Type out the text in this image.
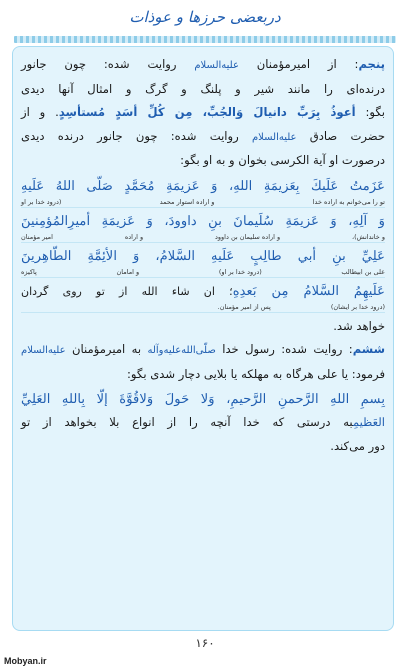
دربعضی حرزها و عوذات
پنجم: از امیرمؤمنان عليه‌السلام روایت شده: چون جانور
درنده‌ای را مانند شیر و پلنگ و گرگ و امثال آنها دیدی
بگو: أعوذُ بِرَبِّ دانيالَ وَالجُبِّ، مِن كُلِّ أسَدٍ مُستأسِدٍ. و از
حضرت صادق عليه‌السلام روایت شده: چون جانور درنده دیدی
درصورت او آیة الکرسی بخوان و به او بگو:
عَزَمتُ عَلَيكَ بِعَزيمَةِ اللهِ، وَ عَزيمَةِ مُحَمَّدٍ صَلّى اللهُ عَلَيهِ
تو را می‌خوانم به اراده خدا
و اراده استوار محمد
(درود خدا بر او
وَ آلِهِ، وَ عَزيمَةِ سُلَيمانَ بنِ داوودَ، وَ عَزيمَةِ أميرِالمُؤمِنينَ
و خاندانش)،
و اراده سلیمان بن داوود
و اراده
امیر مؤمنان
عَلِيِّ بنِ أبي طالِبٍ عَلَيهِ السَّلامُ، وَ الأئِمَّةِ الطّاهِرينَ
علی بن ابیطالب
(درود خدا بر او)
و امامان
پاکیزه
عَلَيهِمُ السَّلامُ مِن بَعدِهِ؛ ان شاء الله از تو روی گردان
(درود خدا بر ایشان)
پس از امیر مؤمنان.
خواهد شد.
ششم: روایت شده: رسول خدا صلّی‌الله‌علیه‌وآله به امیرمؤمنان عليه‌السلام
فرمود: یا علی هرگاه به مهلکه یا بلایی دچار شدی بگو:
بِسمِ اللهِ الرَّحمنِ الرَّحيمِ، وَلا حَولَ وَلاقُوَّةَ إلّا بِاللهِ العَلِيِّ
العَظيمِبه درستی که خدا آنچه را از انواع بلا بخواهد از تو
دور می‌کند.
۱۶۰
Mobyan.ir
